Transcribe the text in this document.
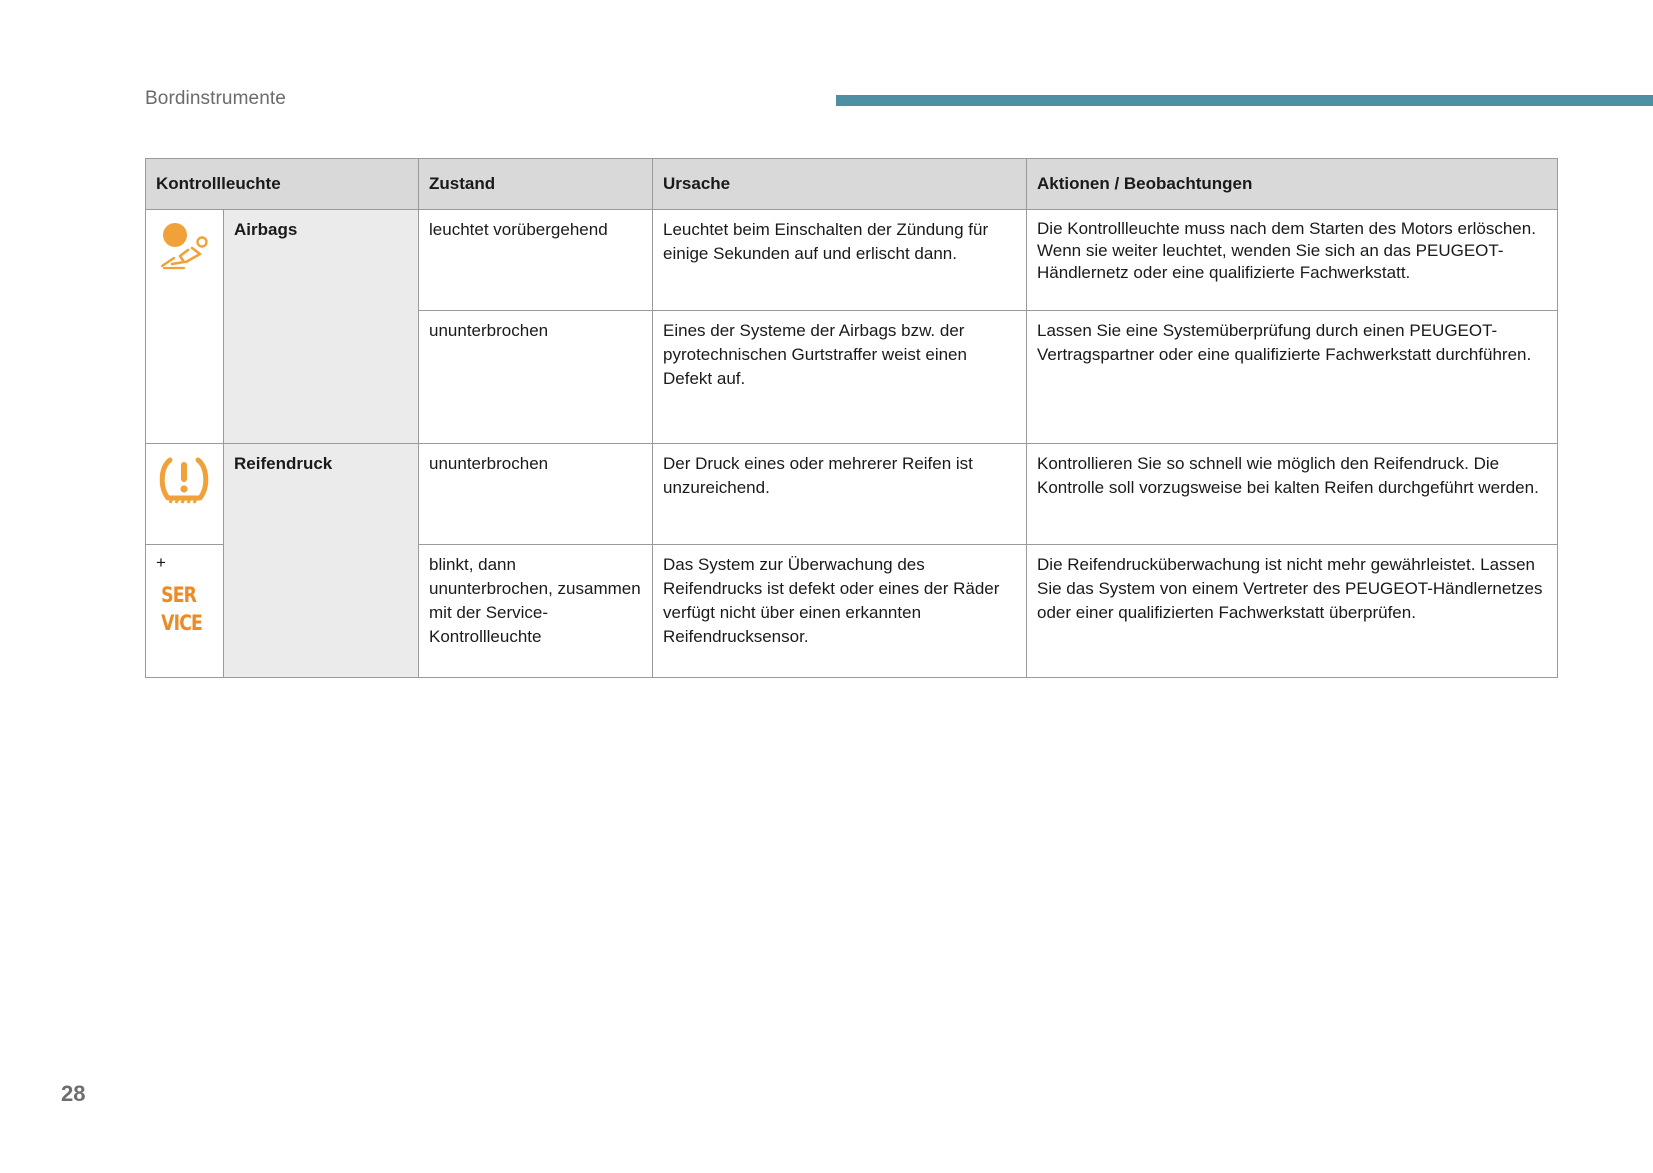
Bordinstrumente
Kontrollleuchte		Zustand	Ursache	Aktionen / Beobachtungen
	Airbags	leuchtet vorübergehend	Leuchtet beim Einschalten der Zündung für einige Sekunden auf und erlischt dann.	Die Kontrollleuchte muss nach dem Starten des Motors erlöschen. Wenn sie weiter leuchtet, wenden Sie sich an das PEUGEOT-Händlernetz oder eine qualifizierte Fachwerkstatt.
		ununterbrochen	Eines der Systeme der Airbags bzw. der pyrotechnischen Gurtstraffer weist einen Defekt auf.	Lassen Sie eine Systemüberprüfung durch einen PEUGEOT-Vertragspartner oder eine qualifizierte Fachwerkstatt durchführen.
	Reifendruck	ununterbrochen	Der Druck eines oder mehrerer Reifen ist unzureichend.	Kontrollieren Sie so schnell wie möglich den Reifendruck. Die Kontrolle soll vorzugsweise bei kalten Reifen durchgeführt werden.

+
SERVICE		blinkt, dann ununterbrochen, zusammen mit der Service-Kontrollleuchte	Das System zur Überwachung des Reifendrucks ist defekt oder eines der Räder verfügt nicht über einen erkannten Reifendrucksensor.	Die Reifendrucküberwachung ist nicht mehr gewährleistet. Lassen Sie das System von einem Vertreter des PEUGEOT-Händlernetzes oder einer qualifizierten Fachwerkstatt überprüfen.
28
